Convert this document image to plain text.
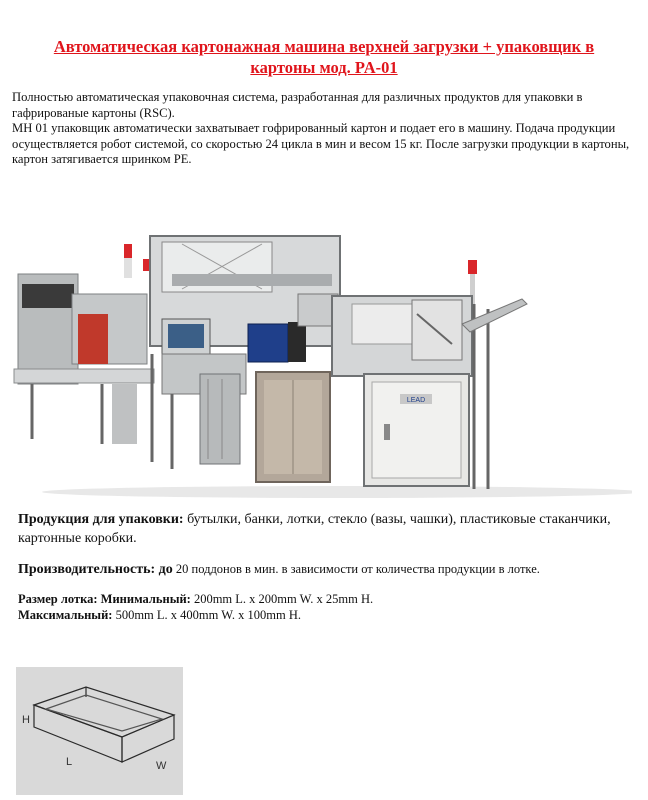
Автоматическая картонажная машина верхней загрузки + упаковщик в картоны мод. PA-01

Полностью автоматическая упаковочная система, разработанная для различных продуктов для упаковки в гафрированые картоны (RSC).

MH 01 упаковщик автоматически захватывает гофрированный картон и подает его в машину. Подача продукции осуществляется робот системой, со скоростью 24 цикла в мин и весом 15 кг. После загрузки продукции в картоны, картон затягивается шринком PE.

LEAD
Продукция для упаковки: бутылки, банки, лотки, стекло (вазы, чашки), пластиковые стаканчики, картонные коробки.
Производительность: до 20 поддонов в мин. в зависимости от количества продукции в лотке.
Размер лотка: Минимальный: 200mm L. x 200mm W. x 25mm H.
Максимальный: 500mm L. x 400mm W. x 100mm H.
H
L	W
